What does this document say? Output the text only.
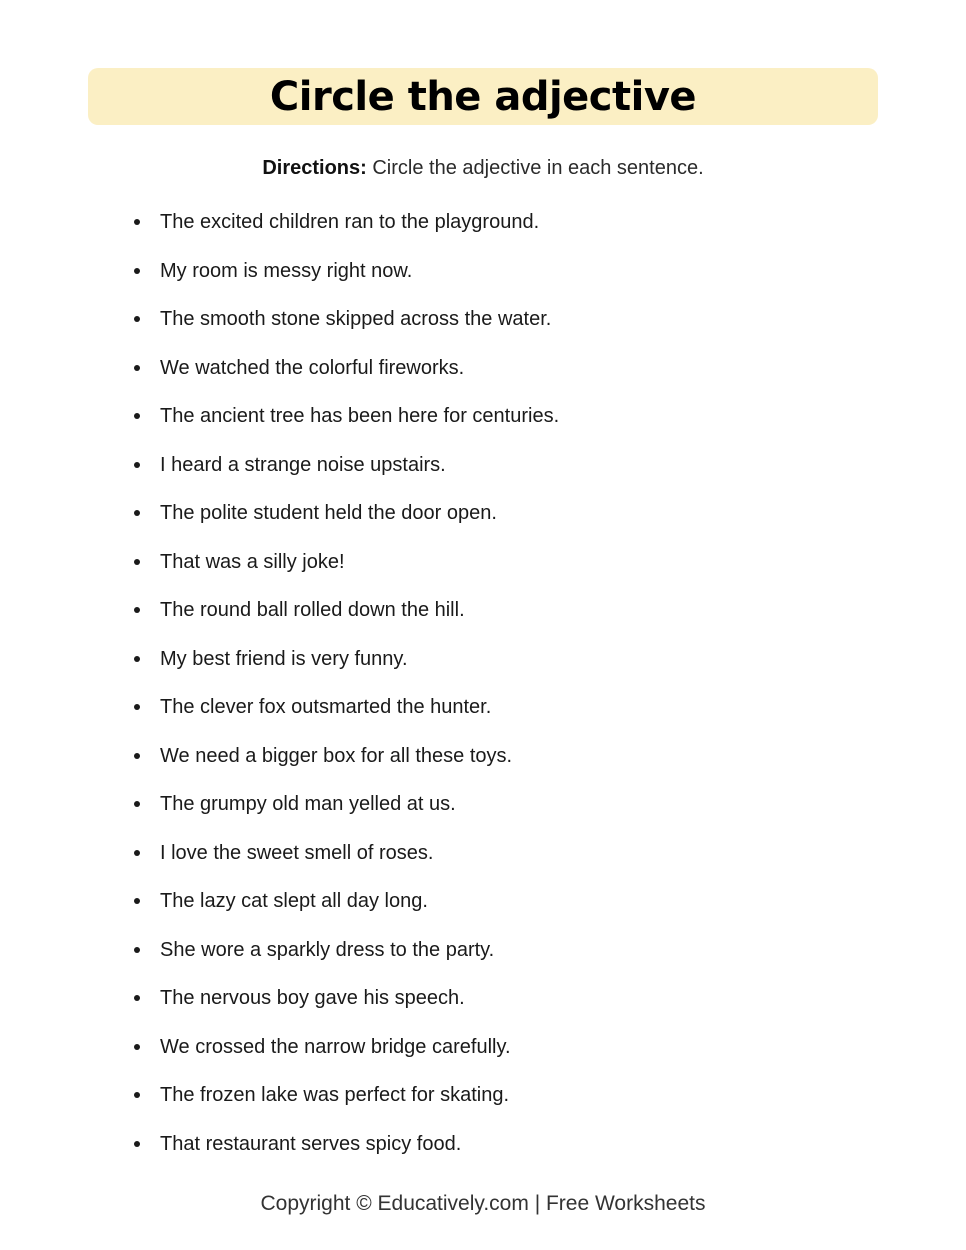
Circle the adjective
Directions: Circle the adjective in each sentence.
The excited children ran to the playground.
My room is messy right now.
The smooth stone skipped across the water.
We watched the colorful fireworks.
The ancient tree has been here for centuries.
I heard a strange noise upstairs.
The polite student held the door open.
That was a silly joke!
The round ball rolled down the hill.
My best friend is very funny.
The clever fox outsmarted the hunter.
We need a bigger box for all these toys.
The grumpy old man yelled at us.
I love the sweet smell of roses.
The lazy cat slept all day long.
She wore a sparkly dress to the party.
The nervous boy gave his speech.
We crossed the narrow bridge carefully.
The frozen lake was perfect for skating.
That restaurant serves spicy food.
Copyright © Educatively.com | Free Worksheets
